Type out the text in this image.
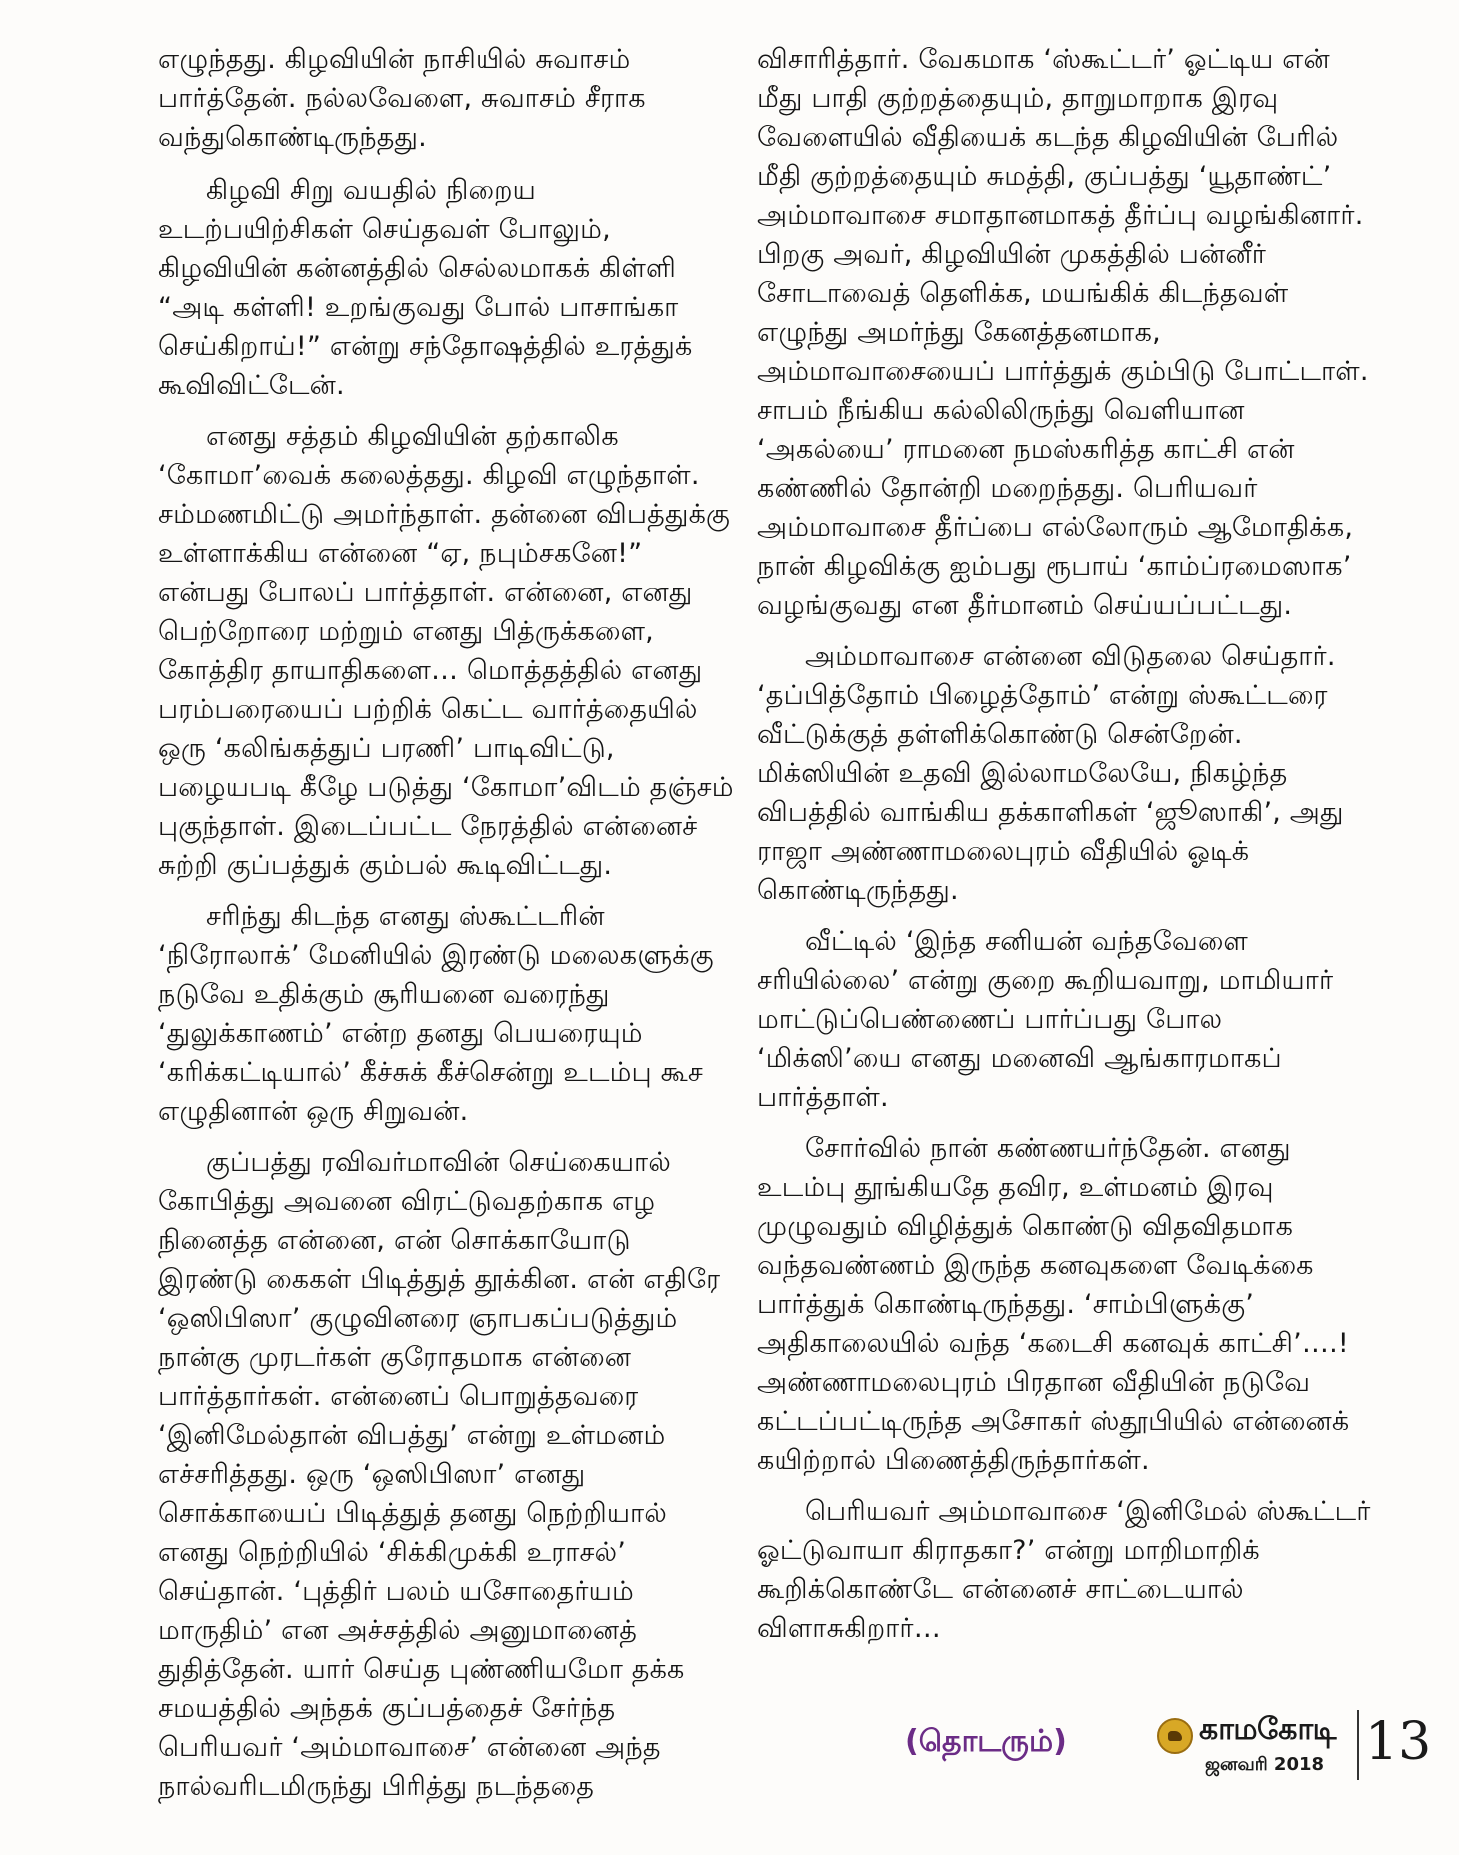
எழுந்தது. கிழவியின் நாசியில் சுவாசம் பார்த்தேன். நல்லவேளை, சுவாசம் சீராக வந்துகொண்டிருந்தது.

கிழவி சிறு வயதில் நிறைய உடற்பயிற்சிகள் செய்தவள் போலும், கிழவியின் கன்னத்தில் செல்லமாகக் கிள்ளி “அடி கள்ளி! உறங்குவது போல் பாசாங்கா செய்கிறாய்!” என்று சந்தோஷத்தில் உரத்துக் கூவிவிட்டேன்.

எனது சத்தம் கிழவியின் தற்காலிக ‘கோமா’வைக் கலைத்தது. கிழவி எழுந்தாள். சம்மணமிட்டு அமர்ந்தாள். தன்னை விபத்துக்கு உள்ளாக்கிய என்னை “ஏ, நபும்சகனே!” என்பது போலப் பார்த்தாள். என்னை, எனது பெற்றோரை மற்றும் எனது பித்ருக்களை, கோத்திர தாயாதிகளை… மொத்தத்தில் எனது பரம்பரையைப் பற்றிக் கெட்ட வார்த்தையில் ஒரு ‘கலிங்கத்துப் பரணி’ பாடிவிட்டு, பழையபடி கீழே படுத்து ‘கோமா’விடம் தஞ்சம் புகுந்தாள். இடைப்பட்ட நேரத்தில் என்னைச் சுற்றி குப்பத்துக் கும்பல் கூடிவிட்டது.

சரிந்து கிடந்த எனது ஸ்கூட்டரின் ‘நிரோலாக்’ மேனியில் இரண்டு மலைகளுக்கு நடுவே உதிக்கும் சூரியனை வரைந்து ‘துலுக்காணம்’ என்ற தனது பெயரையும் ‘கரிக்கட்டியால்’ கீச்சுக் கீச்சென்று உடம்பு கூச எழுதினான் ஒரு சிறுவன்.

குப்பத்து ரவிவர்மாவின் செய்கையால் கோபித்து அவனை விரட்டுவதற்காக எழ நினைத்த என்னை, என் சொக்காயோடு இரண்டு கைகள் பிடித்துத் தூக்கின. என் எதிரே ‘ஒஸிபிஸா’ குழுவினரை ஞாபகப்படுத்தும் நான்கு முரடர்கள் குரோதமாக என்னை பார்த்தார்கள். என்னைப் பொறுத்தவரை ‘இனிமேல்தான் விபத்து’ என்று உள்மனம் எச்சரித்தது. ஒரு ‘ஒஸிபிஸா’ எனது சொக்காயைப் பிடித்துத் தனது நெற்றியால் எனது நெற்றியில் ‘சிக்கிமுக்கி உராசல்’ செய்தான். ‘புத்திர் பலம் யசோதைர்யம் மாருதிம்’ என அச்சத்தில் அனுமானைத் துதித்தேன். யார் செய்த புண்ணியமோ தக்க சமயத்தில் அந்தக் குப்பத்தைச் சேர்ந்த பெரியவர் ‘அம்மாவாசை’ என்னை அந்த நால்வரிடமிருந்து பிரித்து நடந்ததை

விசாரித்தார். வேகமாக ‘ஸ்கூட்டர்’ ஓட்டிய என் மீது பாதி குற்றத்தையும், தாறுமாறாக இரவு வேளையில் வீதியைக் கடந்த கிழவியின் பேரில் மீதி குற்றத்தையும் சுமத்தி, குப்பத்து ‘யூதாண்ட்’ அம்மாவாசை சமாதானமாகத் தீர்ப்பு வழங்கினார். பிறகு அவர், கிழவியின் முகத்தில் பன்னீர் சோடாவைத் தெளிக்க, மயங்கிக் கிடந்தவள் எழுந்து அமர்ந்து கேனத்தனமாக, அம்மாவாசையைப் பார்த்துக் கும்பிடு போட்டாள். சாபம் நீங்கிய கல்லிலிருந்து வெளியான ‘அகல்யை’ ராமனை நமஸ்கரித்த காட்சி என் கண்ணில் தோன்றி மறைந்தது. பெரியவர் அம்மாவாசை தீர்ப்பை எல்லோரும் ஆமோதிக்க, நான் கிழவிக்கு ஐம்பது ரூபாய் ‘காம்ப்ரமைஸாக’ வழங்குவது என தீர்மானம் செய்யப்பட்டது.

அம்மாவாசை என்னை விடுதலை செய்தார். ‘தப்பித்தோம் பிழைத்தோம்’ என்று ஸ்கூட்டரை வீட்டுக்குத் தள்ளிக்கொண்டு சென்றேன். மிக்ஸியின் உதவி இல்லாமலேயே, நிகழ்ந்த விபத்தில் வாங்கிய தக்காளிகள் ‘ஜூஸாகி’, அது ராஜா அண்ணாமலைபுரம் வீதியில் ஓடிக் கொண்டிருந்தது.

வீட்டில் ‘இந்த சனியன் வந்தவேளை சரியில்லை’ என்று குறை கூறியவாறு, மாமியார் மாட்டுப்பெண்ணைப் பார்ப்பது போல ‘மிக்ஸி’யை எனது மனைவி ஆங்காரமாகப் பார்த்தாள்.

சோர்வில் நான் கண்ணயர்ந்தேன். எனது உடம்பு தூங்கியதே தவிர, உள்மனம் இரவு முழுவதும் விழித்துக் கொண்டு விதவிதமாக வந்தவண்ணம் இருந்த கனவுகளை வேடிக்கை பார்த்துக் கொண்டிருந்தது. ‘சாம்பிளுக்கு’ அதிகாலையில் வந்த ‘கடைசி கனவுக் காட்சி’….! அண்ணாமலைபுரம் பிரதான வீதியின் நடுவே கட்டப்பட்டிருந்த அசோகர் ஸ்தூபியில் என்னைக் கயிற்றால் பிணைத்திருந்தார்கள்.

பெரியவர் அம்மாவாசை ‘இனிமேல் ஸ்கூட்டர் ஓட்டுவாயா கிராதகா?’ என்று மாறிமாறிக் கூறிக்கொண்டே என்னைச் சாட்டையால் விளாசுகிறார்…

(தொடரும்)	காமகோடி
ஜனவரி 2018 13
